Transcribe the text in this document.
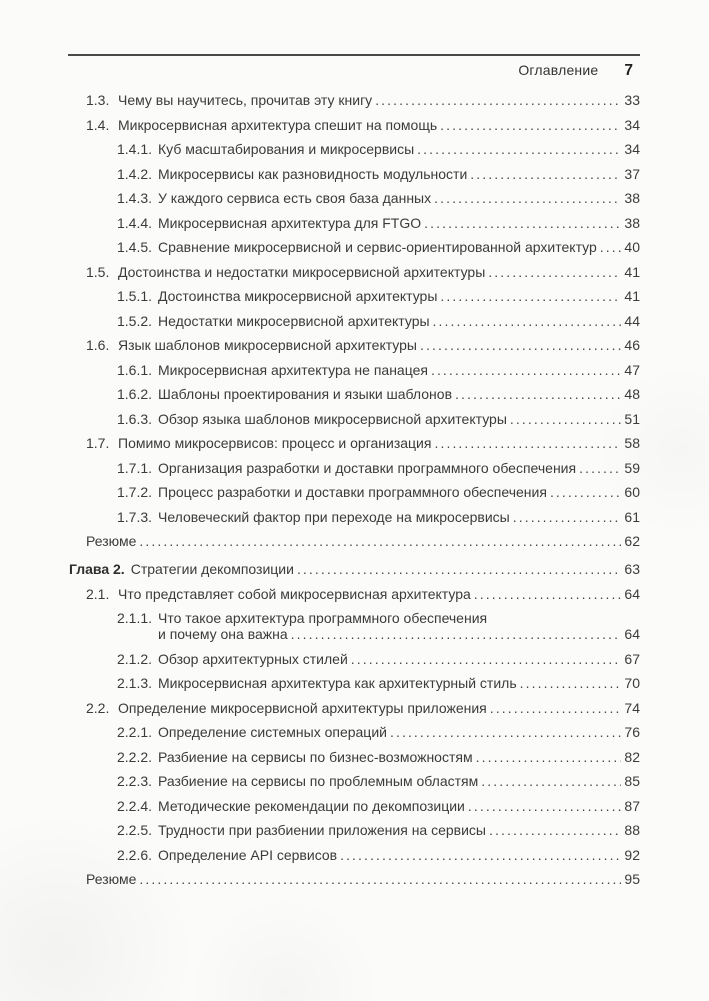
Оглавление 7
1.3. Чему вы научитесь, прочитав эту книгу .....	33
1.4. Микросервисная архитектура спешит на помощь .....	34
1.4.1. Куб масштабирования и микросервисы .....	34
1.4.2. Микросервисы как разновидность модульности .....	37
1.4.3. У каждого сервиса есть своя база данных .....	38
1.4.4. Микросервисная архитектура для FTGO .....	38
1.4.5. Сравнение микросервисной и сервис-ориентированной архитектур ..... 40
1.5. Достоинства и недостатки микросервисной архитектуры .....	41
1.5.1. Достоинства микросервисной архитектуры .....	41
1.5.2. Недостатки микросервисной архитектуры .....	44
1.6. Язык шаблонов микросервисной архитектуры .....	46
1.6.1. Микросервисная архитектура не панацея .....	47
1.6.2. Шаблоны проектирования и языки шаблонов .....	48
1.6.3. Обзор языка шаблонов микросервисной архитектуры .....	51
1.7. Помимо микросервисов: процесс и организация .....	58
1.7.1. Организация разработки и доставки программного обеспечения .....	59
1.7.2. Процесс разработки и доставки программного обеспечения .....	60
1.7.3. Человеческий фактор при переходе на микросервисы .....	61
Резюме .....	62
Глава 2. Стратегии декомпозиции .....	63
2.1. Что представляет собой микросервисная архитектура .....	64
2.1.1. Что такое архитектура программного обеспечения
и почему она важна .....	64
2.1.2. Обзор архитектурных стилей .....	67
2.1.3. Микросервисная архитектура как архитектурный стиль .....	70
2.2. Определение микросервисной архитектуры приложения .....	74
2.2.1. Определение системных операций .....	76
2.2.2. Разбиение на сервисы по бизнес-возможностям .....	82
2.2.3. Разбиение на сервисы по проблемным областям .....	85
2.2.4. Методические рекомендации по декомпозиции .....	87
2.2.5. Трудности при разбиении приложения на сервисы .....	88
2.2.6. Определение API сервисов .....	92
Резюме .....	95
